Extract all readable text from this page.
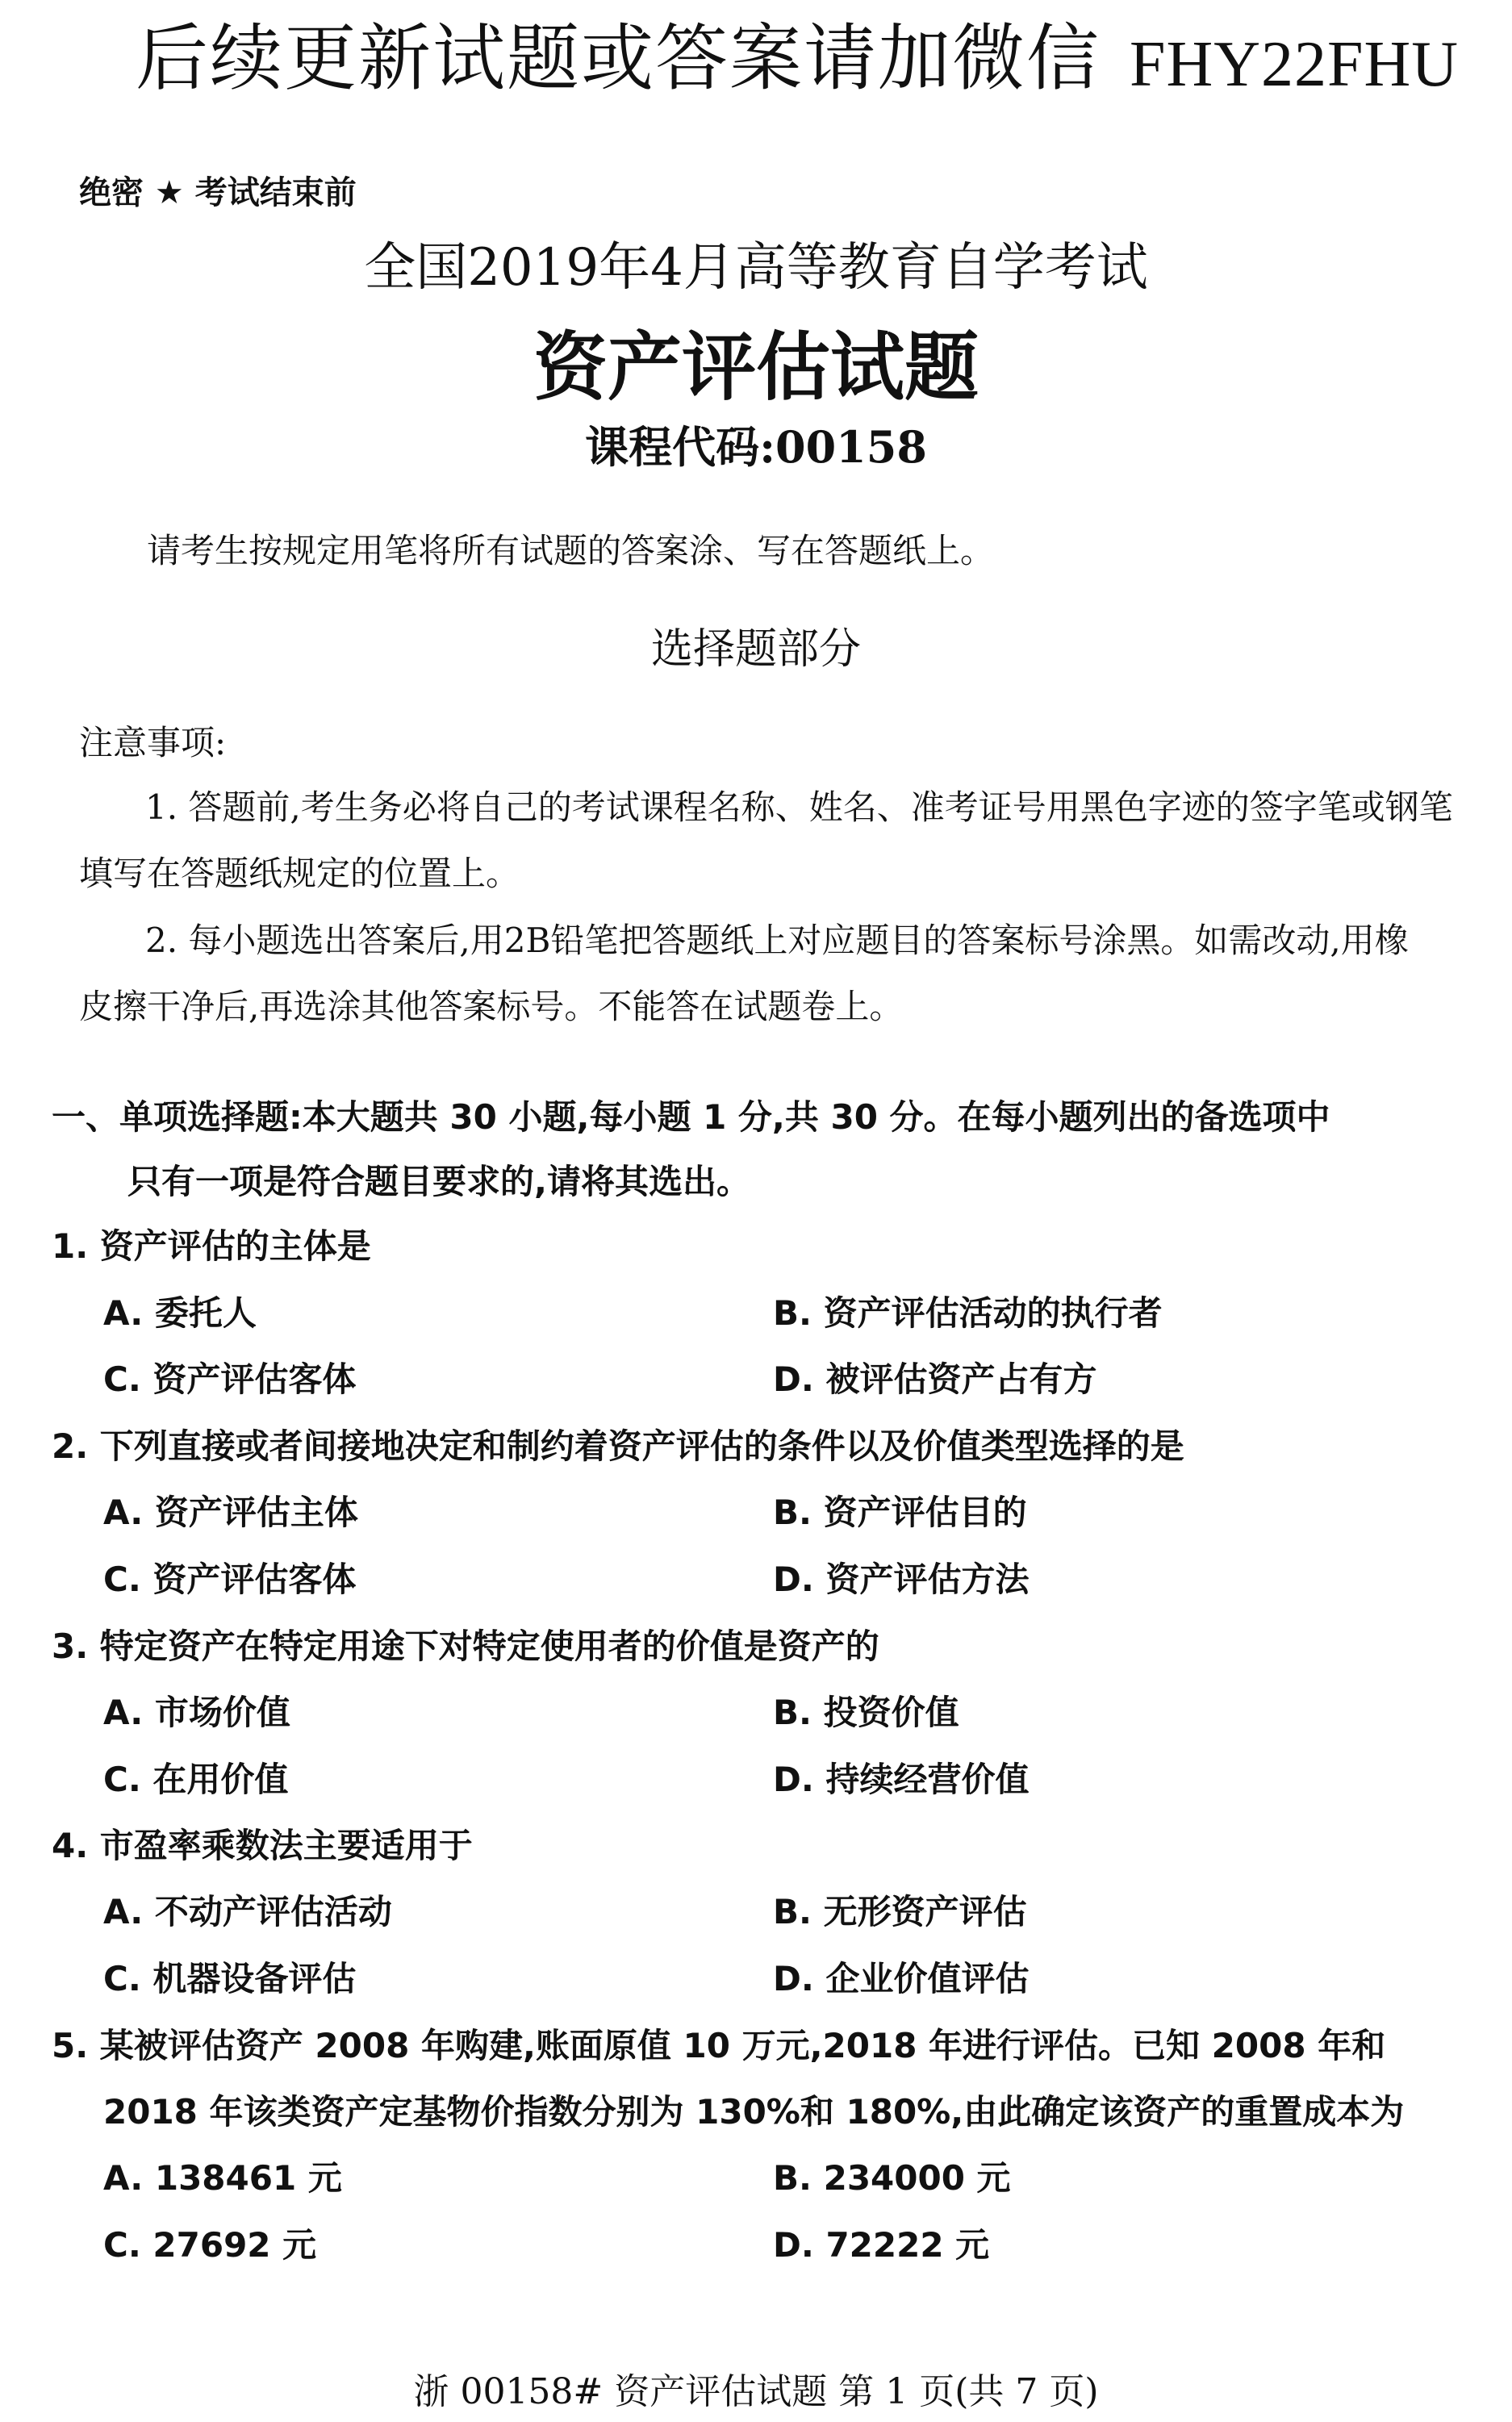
后续更新试题或答案请加微信 FHY22FHU
绝密 ★ 考试结束前
全国2019年4月高等教育自学考试
资产评估试题
课程代码:00158
请考生按规定用笔将所有试题的答案涂、写在答题纸上。
选择题部分
注意事项:
1. 答题前,考生务必将自己的考试课程名称、姓名、准考证号用黑色字迹的签字笔或钢笔
填写在答题纸规定的位置上。
2. 每小题选出答案后,用2B铅笔把答题纸上对应题目的答案标号涂黑。如需改动,用橡
皮擦干净后,再选涂其他答案标号。不能答在试题卷上。
一、单项选择题:本大题共 30 小题,每小题 1 分,共 30 分。在每小题列出的备选项中
只有一项是符合题目要求的,请将其选出。
1. 资产评估的主体是
A. 委托人	B. 资产评估活动的执行者
C. 资产评估客体	D. 被评估资产占有方
2. 下列直接或者间接地决定和制约着资产评估的条件以及价值类型选择的是
A. 资产评估主体	B. 资产评估目的
C. 资产评估客体	D. 资产评估方法
3. 特定资产在特定用途下对特定使用者的价值是资产的
A. 市场价值	B. 投资价值
C. 在用价值	D. 持续经营价值
4. 市盈率乘数法主要适用于
A. 不动产评估活动	B. 无形资产评估
C. 机器设备评估	D. 企业价值评估
5. 某被评估资产 2008 年购建,账面原值 10 万元,2018 年进行评估。已知 2008 年和
2018 年该类资产定基物价指数分别为 130%和 180%,由此确定该资产的重置成本为
A. 138461 元	B. 234000 元
C. 27692 元	D. 72222 元
浙 00158# 资产评估试题 第 1 页(共 7 页)
